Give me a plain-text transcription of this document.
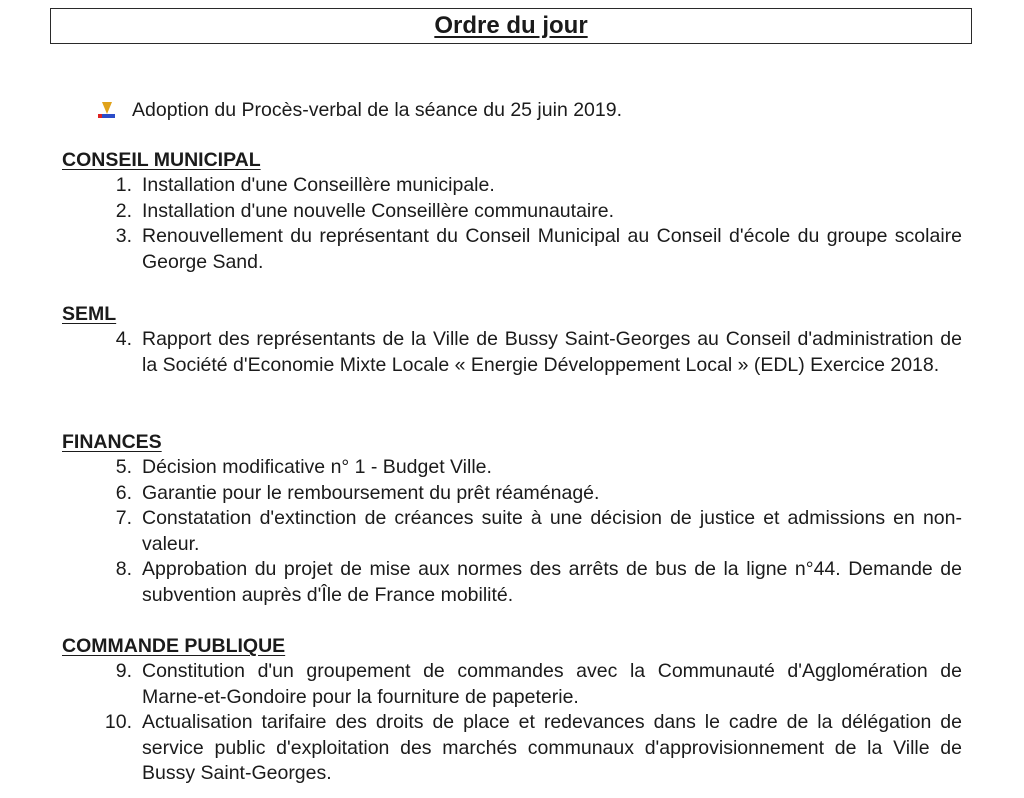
Ordre du jour
Adoption du Procès-verbal de la séance du 25 juin 2019.
CONSEIL MUNICIPAL
1. Installation d'une Conseillère municipale.
2. Installation d'une nouvelle Conseillère communautaire.
3. Renouvellement du représentant du Conseil Municipal au Conseil d'école du groupe scolaire George Sand.
SEML
4. Rapport des représentants de la Ville de Bussy Saint-Georges au Conseil d'administration de la Société d'Economie Mixte Locale « Energie Développement Local » (EDL) Exercice 2018.
FINANCES
5. Décision modificative n° 1 - Budget Ville.
6. Garantie pour le remboursement du prêt réaménagé.
7. Constatation d'extinction de créances suite à une décision de justice et admissions en non-valeur.
8. Approbation du projet de mise aux normes des arrêts de bus de la ligne n°44. Demande de subvention auprès d'Île de France mobilité.
COMMANDE PUBLIQUE
9. Constitution d'un groupement de commandes avec la Communauté d'Agglomération de Marne-et-Gondoire pour la fourniture de papeterie.
10. Actualisation tarifaire des droits de place et redevances dans le cadre de la délégation de service public d'exploitation des marchés communaux d'approvisionnement de la Ville de Bussy Saint-Georges.
